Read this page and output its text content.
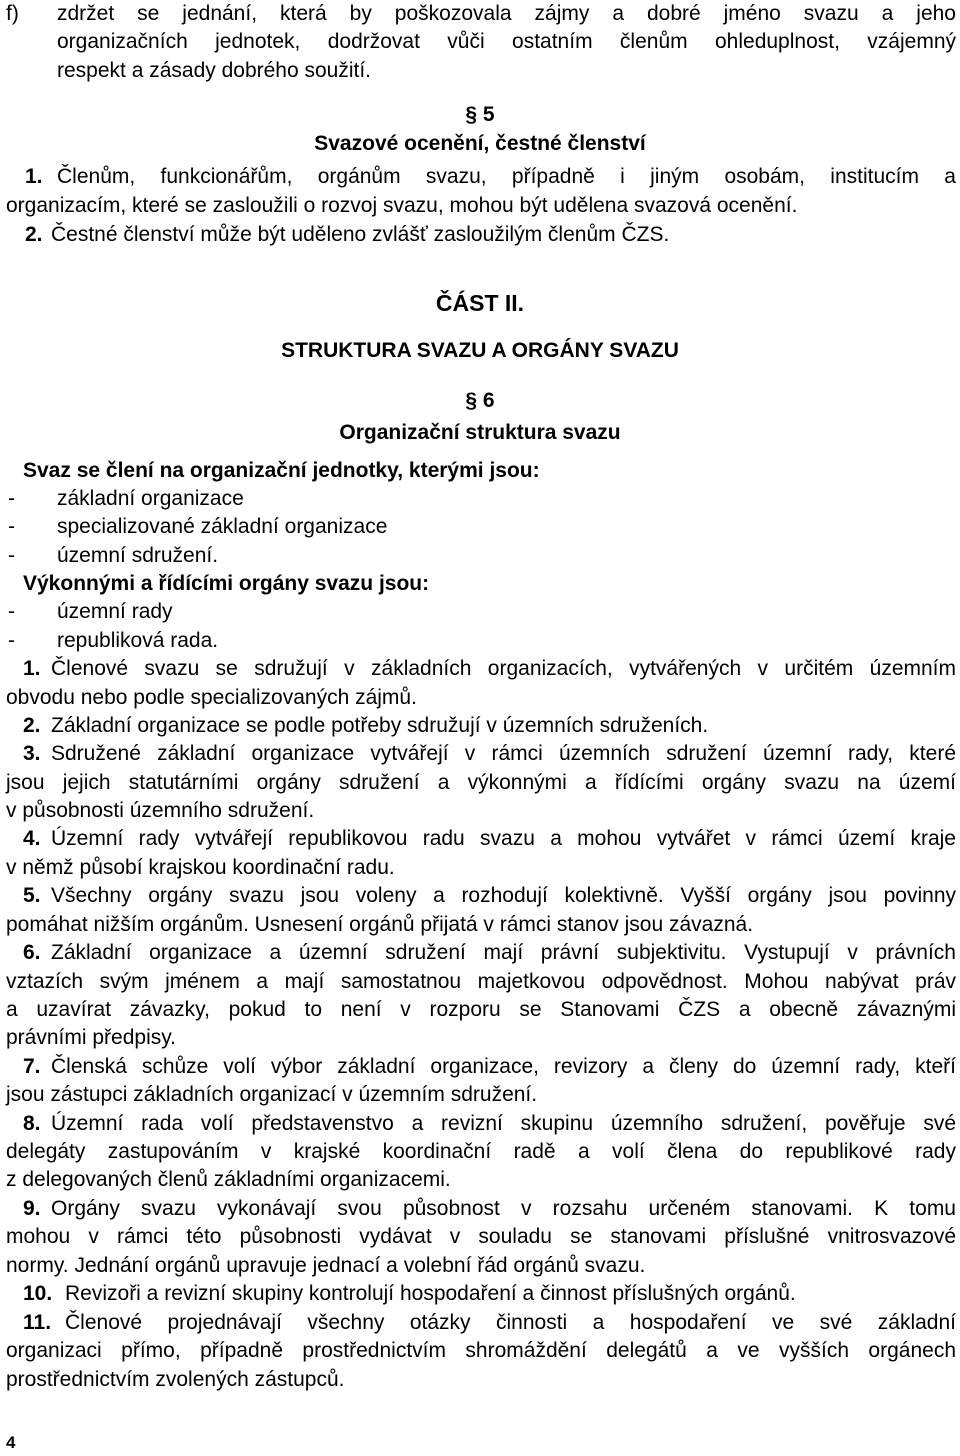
f) zdržet se jednání, která by poškozovala zájmy a dobré jméno svazu a jeho
organizačních jednotek, dodržovat vůči ostatním členům ohleduplnost, vzájemný
respekt a zásady dobrého soužití.
§ 5
Svazové ocenění, čestné členství
1. Členům, funkcionářům, orgánům svazu, případně i jiným osobám, institucím a
organizacím, které se zasloužili o rozvoj svazu, mohou být udělena svazová ocenění.
2. Čestné členství může být uděleno zvlášť zasloužilým členům ČZS.
ČÁST II.
STRUKTURA SVAZU A ORGÁNY SVAZU
§ 6
Organizační struktura svazu
Svaz se člení na organizační jednotky, kterými jsou:
- základní organizace
- specializované základní organizace
- územní sdružení.
Výkonnými a řídícími orgány svazu jsou:
- územní rady
- republiková rada.
1. Členové svazu se sdružují v základních organizacích, vytvářených v určitém územním
obvodu nebo podle specializovaných zájmů.
2. Základní organizace se podle potřeby sdružují v územních sdruženích.
3. Sdružené základní organizace vytvářejí v rámci územních sdružení územní rady, které
jsou jejich statutárními orgány sdružení a výkonnými a řídícími orgány svazu na území
v působnosti územního sdružení.
4. Územní rady vytvářejí republikovou radu svazu a mohou vytvářet v rámci území kraje
v němž působí krajskou koordinační radu.
5. Všechny orgány svazu jsou voleny a rozhodují kolektivně. Vyšší orgány jsou povinny
pomáhat nižším orgánům. Usnesení orgánů přijatá v rámci stanov jsou závazná.
6. Základní organizace a územní sdružení mají právní subjektivitu. Vystupují v právních
vztazích svým jménem a mají samostatnou majetkovou odpovědnost. Mohou nabývat práv
a uzavírat závazky, pokud to není v rozporu se Stanovami ČZS a obecně závaznými
právními předpisy.
7. Členská schůze volí výbor základní organizace, revizory a členy do územní rady, kteří
jsou zástupci základních organizací v územním sdružení.
8. Územní rada volí představenstvo a revizní skupinu územního sdružení, pověřuje své
delegáty zastupováním v krajské koordinační radě a volí člena do republikové rady
z delegovaných členů základními organizacemi.
9. Orgány svazu vykonávají svou působnost v rozsahu určeném stanovami. K tomu
mohou v rámci této působnosti vydávat v souladu se stanovami příslušné vnitrosvazové
normy. Jednání orgánů upravuje jednací a volební řád orgánů svazu.
10. Revizoři a revizní skupiny kontrolují hospodaření a činnost příslušných orgánů.
11. Členové projednávají všechny otázky činnosti a hospodaření ve své základní
organizaci přímo, případně prostřednictvím shromáždění delegátů a ve vyšších orgánech
prostřednictvím zvolených zástupců.
4
